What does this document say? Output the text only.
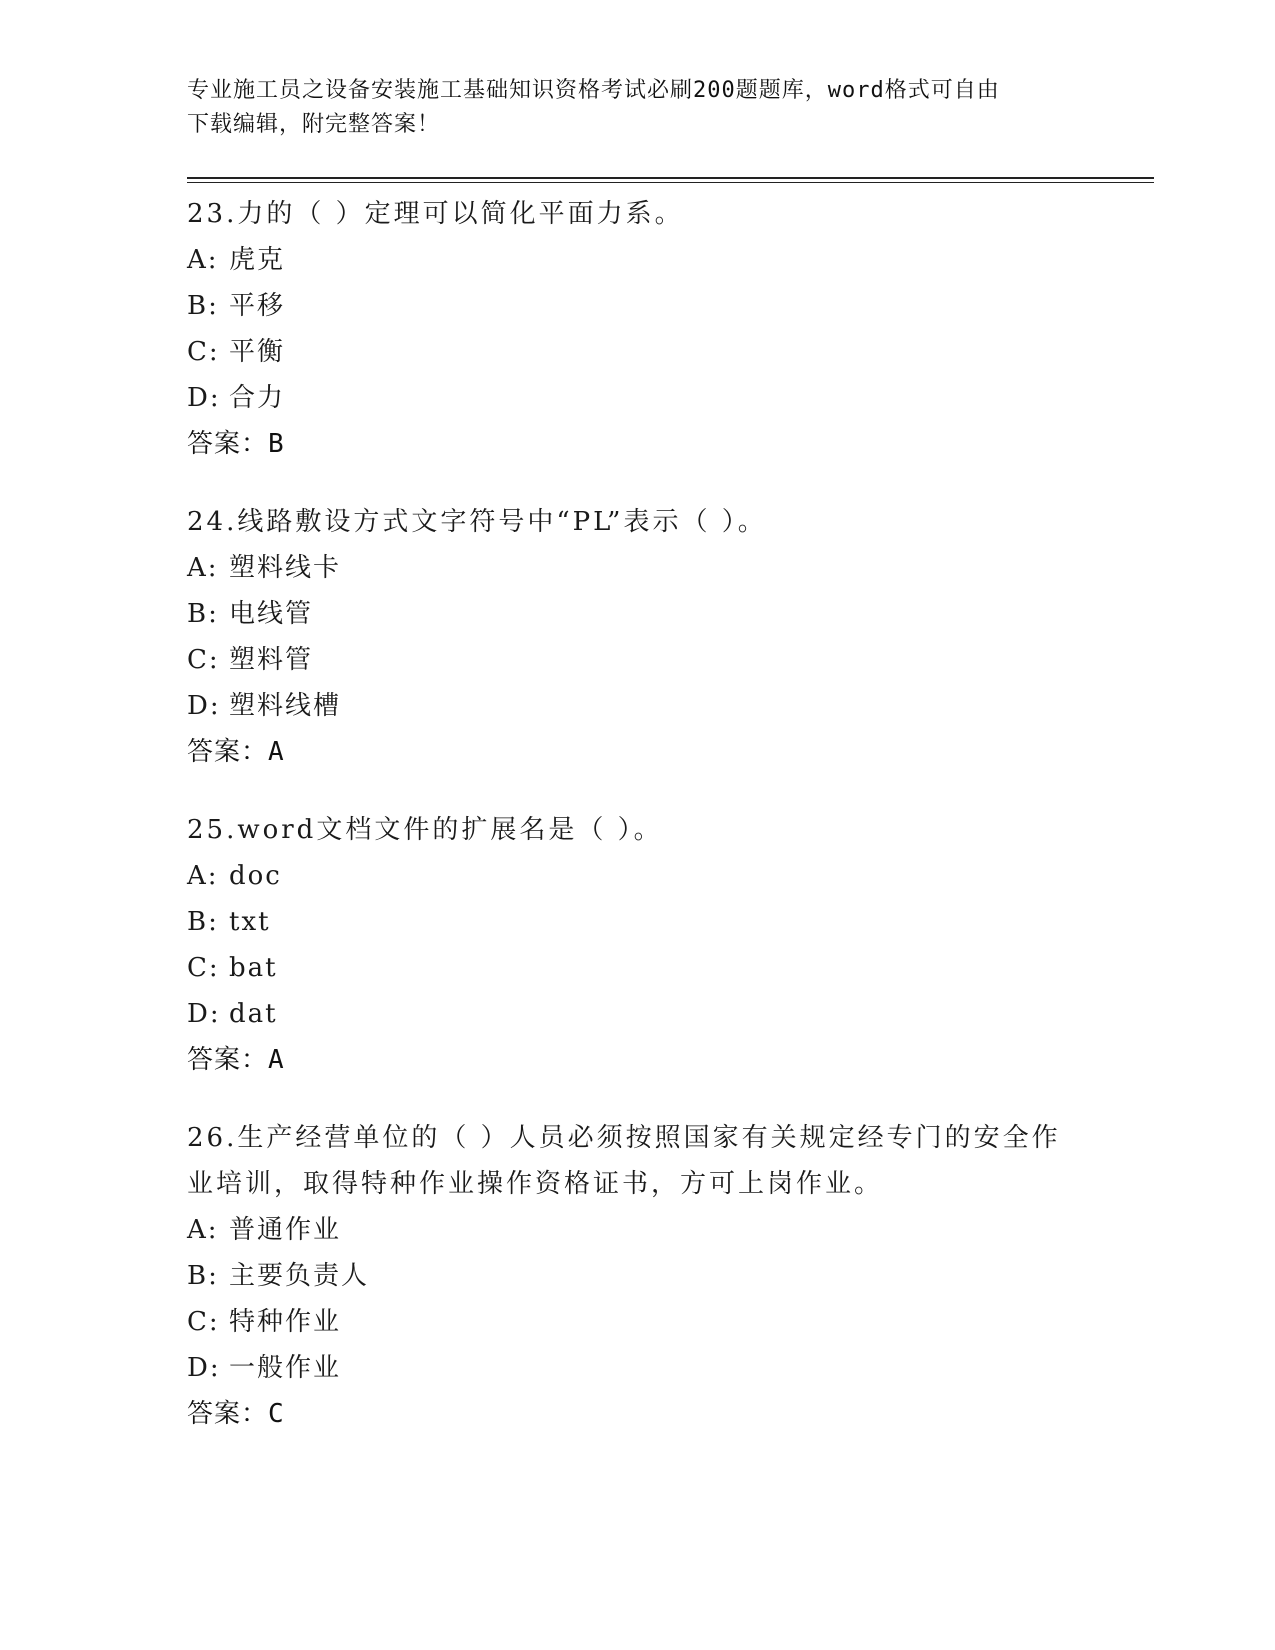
专业施工员之设备安装施工基础知识资格考试必刷200题题库，word格式可自由
下载编辑，附完整答案！
23.力的（ ）定理可以简化平面力系。
A: 虎克
B: 平移
C: 平衡
D: 合力
答案：B
24.线路敷设方式文字符号中“PL”表示（ ）。
A: 塑料线卡
B: 电线管
C: 塑料管
D: 塑料线槽
答案：A
25.word文档文件的扩展名是（ ）。
A: doc
B: txt
C: bat
D: dat
答案：A
26.生产经营单位的（ ）人员必须按照国家有关规定经专门的安全作业培训，取得特种作业操作资格证书，方可上岗作业。
A: 普通作业
B: 主要负责人
C: 特种作业
D: 一般作业
答案：C
